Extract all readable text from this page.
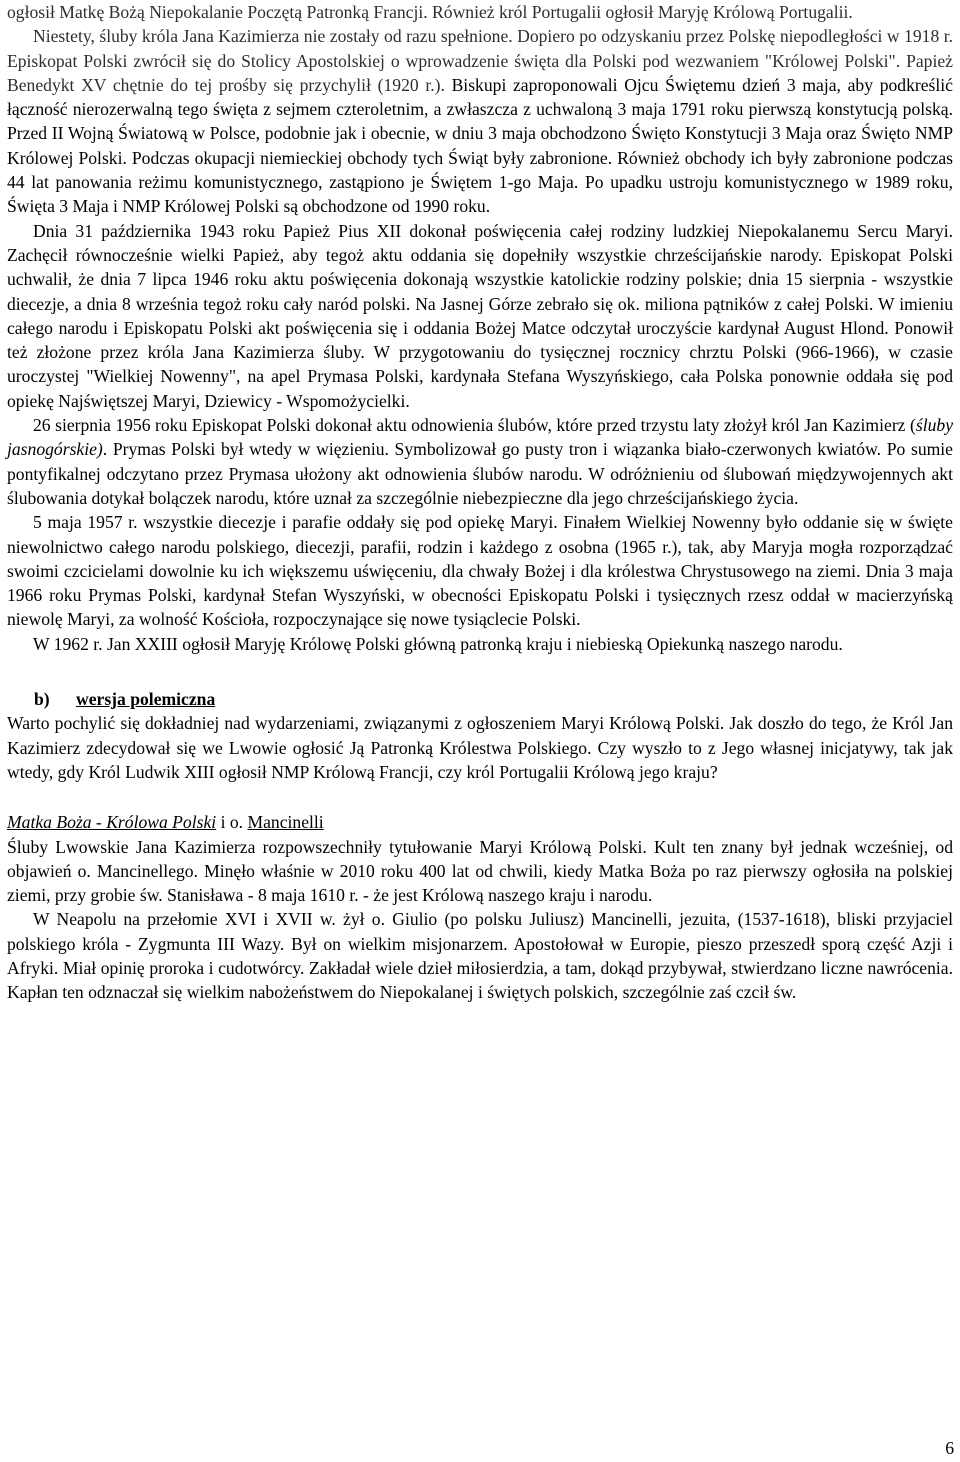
ogłosił Matkę Bożą Niepokalanie Poczętą Patronką Francji. Również król Portugalii ogłosił Maryję Królową Portugalii.

Niestety, śluby króla Jana Kazimierza nie zostały od razu spełnione. Dopiero po odzyskaniu przez Polskę niepodległości w 1918 r. Episkopat Polski zwrócił się do Stolicy Apostolskiej o wprowadzenie święta dla Polski pod wezwaniem "Królowej Polski". Papież Benedykt XV chętnie do tej prośby się przychylił (1920 r.). Biskupi zaproponowali Ojcu Świętemu dzień 3 maja, aby podkreślić łączność nierozerwalną tego święta z sejmem czteroletnim, a zwłaszcza z uchwaloną 3 maja 1791 roku pierwszą konstytucją polską. Przed II Wojną Światową w Polsce, podobnie jak i obecnie, w dniu 3 maja obchodzono Święto Konstytucji 3 Maja oraz Święto NMP Królowej Polski. Podczas okupacji niemieckiej obchody tych Świąt były zabronione. Również obchody ich były zabronione podczas 44 lat panowania reżimu komunistycznego, zastąpiono je Świętem 1-go Maja. Po upadku ustroju komunistycznego w 1989 roku, Święta 3 Maja i NMP Królowej Polski są obchodzone od 1990 roku.

Dnia 31 października 1943 roku Papież Pius XII dokonał poświęcenia całej rodziny ludzkiej Niepokalanemu Sercu Maryi. Zachęcił równocześnie wielki Papież, aby tegoż aktu oddania się dopełniły wszystkie chrześcijańskie narody. Episkopat Polski uchwalił, że dnia 7 lipca 1946 roku aktu poświęcenia dokonają wszystkie katolickie rodziny polskie; dnia 15 sierpnia - wszystkie diecezje, a dnia 8 września tegoż roku cały naród polski. Na Jasnej Górze zebrało się ok. miliona pątników z całej Polski. W imieniu całego narodu i Episkopatu Polski akt poświęcenia się i oddania Bożej Matce odczytał uroczyście kardynał August Hlond. Ponowił też złożone przez króla Jana Kazimierza śluby. W przygotowaniu do tysięcznej rocznicy chrztu Polski (966-1966), w czasie uroczystej "Wielkiej Nowenny", na apel Prymasa Polski, kardynała Stefana Wyszyńskiego, cała Polska ponownie oddała się pod opiekę Najświętszej Maryi, Dziewicy - Wspomożycielki.

26 sierpnia 1956 roku Episkopat Polski dokonał aktu odnowienia ślubów, które przed trzystu laty złożył król Jan Kazimierz (śluby jasnogórskie). Prymas Polski był wtedy w więzieniu. Symbolizował go pusty tron i wiązanka biało-czerwonych kwiatów. Po sumie pontyfikalnej odczytano przez Prymasa ułożony akt odnowienia ślubów narodu. W odróżnieniu od ślubowań międzywojennych akt ślubowania dotykał bolączek narodu, które uznał za szczególnie niebezpieczne dla jego chrześcijańskiego życia.

5 maja 1957 r. wszystkie diecezje i parafie oddały się pod opiekę Maryi. Finałem Wielkiej Nowenny było oddanie się w święte niewolnictwo całego narodu polskiego, diecezji, parafii, rodzin i każdego z osobna (1965 r.), tak, aby Maryja mogła rozporządzać swoimi czcicielami dowolnie ku ich większemu uświęceniu, dla chwały Bożej i dla królestwa Chrystusowego na ziemi. Dnia 3 maja 1966 roku Prymas Polski, kardynał Stefan Wyszyński, w obecności Episkopatu Polski i tysięcznych rzesz oddał w macierzyńską niewolę Maryi, za wolność Kościoła, rozpoczynające się nowe tysiąclecie Polski.

W 1962 r. Jan XXIII ogłosił Maryję Królowę Polski główną patronką kraju i niebieską Opiekunką naszego narodu.

b) wersja polemiczna

Warto pochylić się dokładniej nad wydarzeniami, związanymi z ogłoszeniem Maryi Królową Polski. Jak doszło do tego, że Król Jan Kazimierz zdecydował się we Lwowie ogłosić Ją Patronką Królestwa Polskiego. Czy wyszło to z Jego własnej inicjatywy, tak jak wtedy, gdy Król Ludwik XIII ogłosił NMP Królową Francji, czy król Portugalii Królową jego kraju?

Matka Boża - Królowa Polski i o. Mancinelli

Śluby Lwowskie Jana Kazimierza rozpowszechniły tytułowanie Maryi Królową Polski. Kult ten znany był jednak wcześniej, od objawień o. Mancinellego. Minęło właśnie w 2010 roku 400 lat od chwili, kiedy Matka Boża po raz pierwszy ogłosiła na polskiej ziemi, przy grobie św. Stanisława - 8 maja 1610 r. - że jest Królową naszego kraju i narodu.

W Neapolu na przełomie XVI i XVII w. żył o. Giulio (po polsku Juliusz) Mancinelli, jezuita, (1537-1618), bliski przyjaciel polskiego króla - Zygmunta III Wazy. Był on wielkim misjonarzem. Apostołował w Europie, pieszo przeszedł sporą część Azji i Afryki. Miał opinię proroka i cudotwórcy. Zakładał wiele dzieł miłosierdzia, a tam, dokąd przybywał, stwierdzano liczne nawrócenia. Kapłan ten odznaczał się wielkim nabożeństwem do Niepokalanej i świętych polskich, szczególnie zaś czcił św.

6
